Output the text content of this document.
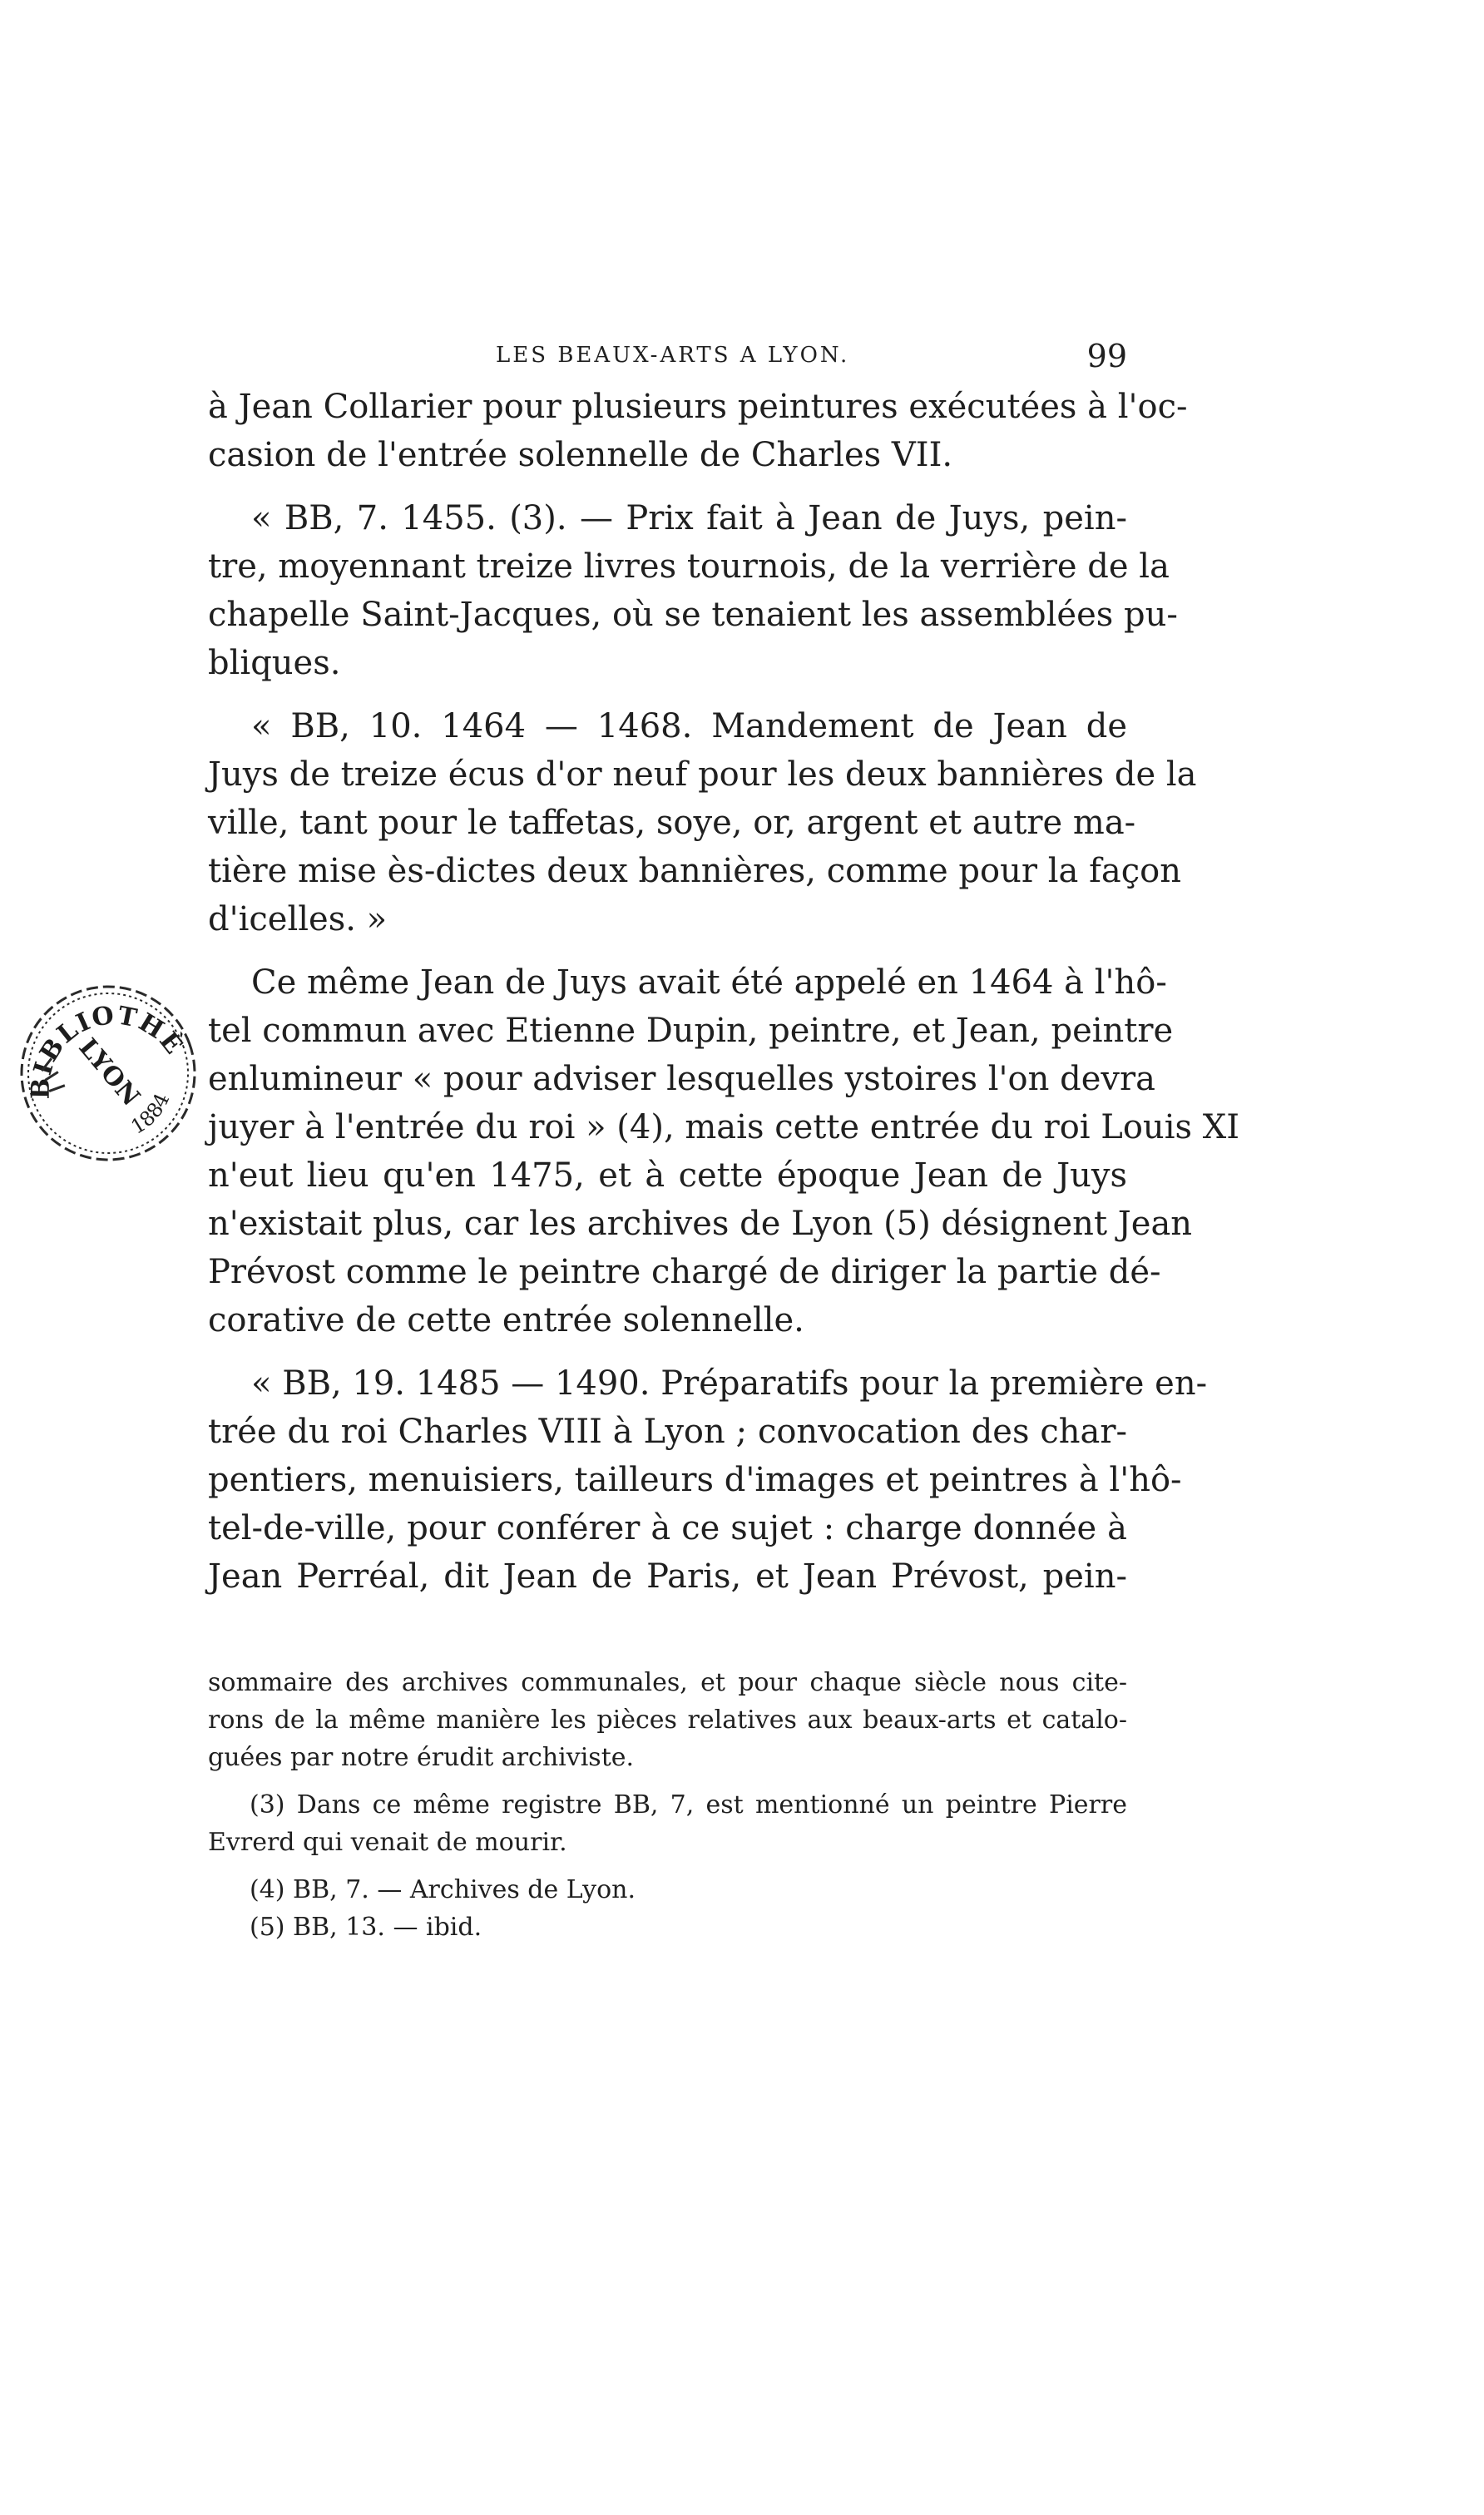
LES BEAUX-ARTS A LYON.	99
BIBLIOTHÈQUE
LYON
1884
à Jean Collarier pour plusieurs peintures exécutées à l'oc-
casion de l'entrée solennelle de Charles VII.
« BB, 7. 1455. (3). — Prix fait à Jean de Juys, pein-
tre, moyennant treize livres tournois, de la verrière de la
chapelle Saint-Jacques, où se tenaient les assemblées pu-
bliques.
« BB, 10. 1464 — 1468. Mandement de Jean de
Juys de treize écus d'or neuf pour les deux bannières de la
ville, tant pour le taffetas, soye, or, argent et autre ma-
tière mise ès-dictes deux bannières, comme pour la façon
d'icelles. »
Ce même Jean de Juys avait été appelé en 1464 à l'hô-
tel commun avec Etienne Dupin, peintre, et Jean, peintre
enlumineur « pour adviser lesquelles ystoires l'on devra
juyer à l'entrée du roi » (4), mais cette entrée du roi Louis XI
n'eut lieu qu'en 1475, et à cette époque Jean de Juys
n'existait plus, car les archives de Lyon (5) désignent Jean
Prévost comme le peintre chargé de diriger la partie dé-
corative de cette entrée solennelle.
« BB, 19. 1485 — 1490. Préparatifs pour la première en-
trée du roi Charles VIII à Lyon ; convocation des char-
pentiers, menuisiers, tailleurs d'images et peintres à l'hô-
tel-de-ville, pour conférer à ce sujet : charge donnée à
Jean Perréal, dit Jean de Paris, et Jean Prévost, pein-
sommaire des archives communales, et pour chaque siècle nous cite-
rons de la même manière les pièces relatives aux beaux-arts et catalo-
guées par notre érudit archiviste.
(3) Dans ce même registre BB, 7, est mentionné un peintre Pierre
Evrerd qui venait de mourir.
(4) BB, 7. — Archives de Lyon.
(5) BB, 13. — ibid.
